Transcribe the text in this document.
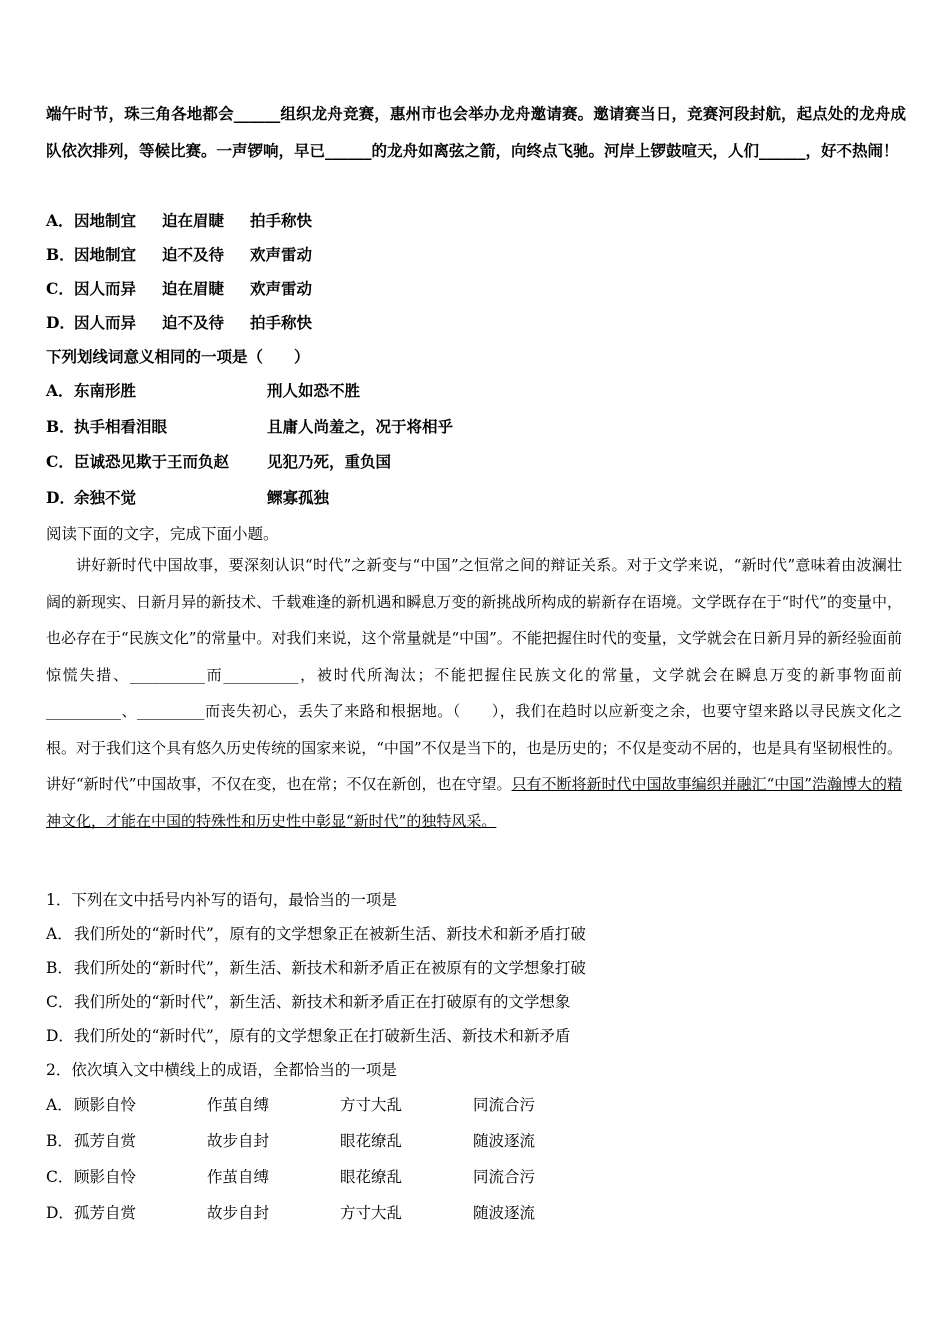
端午时节，珠三角各地都会______组织龙舟竞赛，惠州市也会举办龙舟邀请赛。邀请赛当日，竞赛河段封航，起点处的龙舟成队依次排列，等候比赛。一声锣响，早已______的龙舟如离弦之箭，向终点飞驰。河岸上锣鼓喧天，人们______，好不热闹！
A．因地制宜 迫在眉睫 拍手称快
B．因地制宜 迫不及待 欢声雷动
C．因人而异 迫在眉睫 欢声雷动
D．因人而异 迫不及待 拍手称快
下列划线词意义相同的一项是（　　）
A．东南形胜	刑人如恐不胜
B．执手相看泪眼	且庸人尚羞之，况于将相乎
C．臣诚恐见欺于王而负赵 见犯乃死，重负国
D．余独不觉	鳏寡孤独
阅读下面的文字，完成下面小题。

讲好新时代中国故事，要深刻认识“时代”之新变与“中国”之恒常之间的辩证关系。对于文学来说，“新时代”意味着由波澜壮阔的新现实、日新月异的新技术、千载难逢的新机遇和瞬息万变的新挑战所构成的崭新存在语境。文学既存在于“时代”的变量中，也必存在于“民族文化”的常量中。对我们来说，这个常量就是“中国”。不能把握住时代的变量，文学就会在日新月异的新经验面前惊慌失措、__________而__________，被时代所淘汰；不能把握住民族文化的常量，文学就会在瞬息万变的新事物面前__________、_________而丧失初心，丢失了来路和根据地。（　　），我们在趋时以应新变之余，也要守望来路以寻民族文化之根。对于我们这个具有悠久历史传统的国家来说，“中国”不仅是当下的，也是历史的；不仅是变动不居的，也是具有坚韧根性的。讲好“新时代”中国故事，不仅在变，也在常；不仅在新创，也在守望。只有不断将新时代中国故事编织并融汇“中国”浩瀚博大的精神文化，才能在中国的特殊性和历史性中彰显“新时代”的独特风采。

1．下列在文中括号内补写的语句，最恰当的一项是
A．我们所处的“新时代”，原有的文学想象正在被新生活、新技术和新矛盾打破
B．我们所处的“新时代”，新生活、新技术和新矛盾正在被原有的文学想象打破
C．我们所处的“新时代”，新生活、新技术和新矛盾正在打破原有的文学想象
D．我们所处的“新时代”，原有的文学想象正在打破新生活、新技术和新矛盾
2．依次填入文中横线上的成语，全都恰当的一项是
A．顾影自怜	作茧自缚	方寸大乱	同流合污
B．孤芳自赏	故步自封	眼花缭乱	随波逐流
C．顾影自怜	作茧自缚	眼花缭乱	同流合污
D．孤芳自赏	故步自封	方寸大乱	随波逐流
